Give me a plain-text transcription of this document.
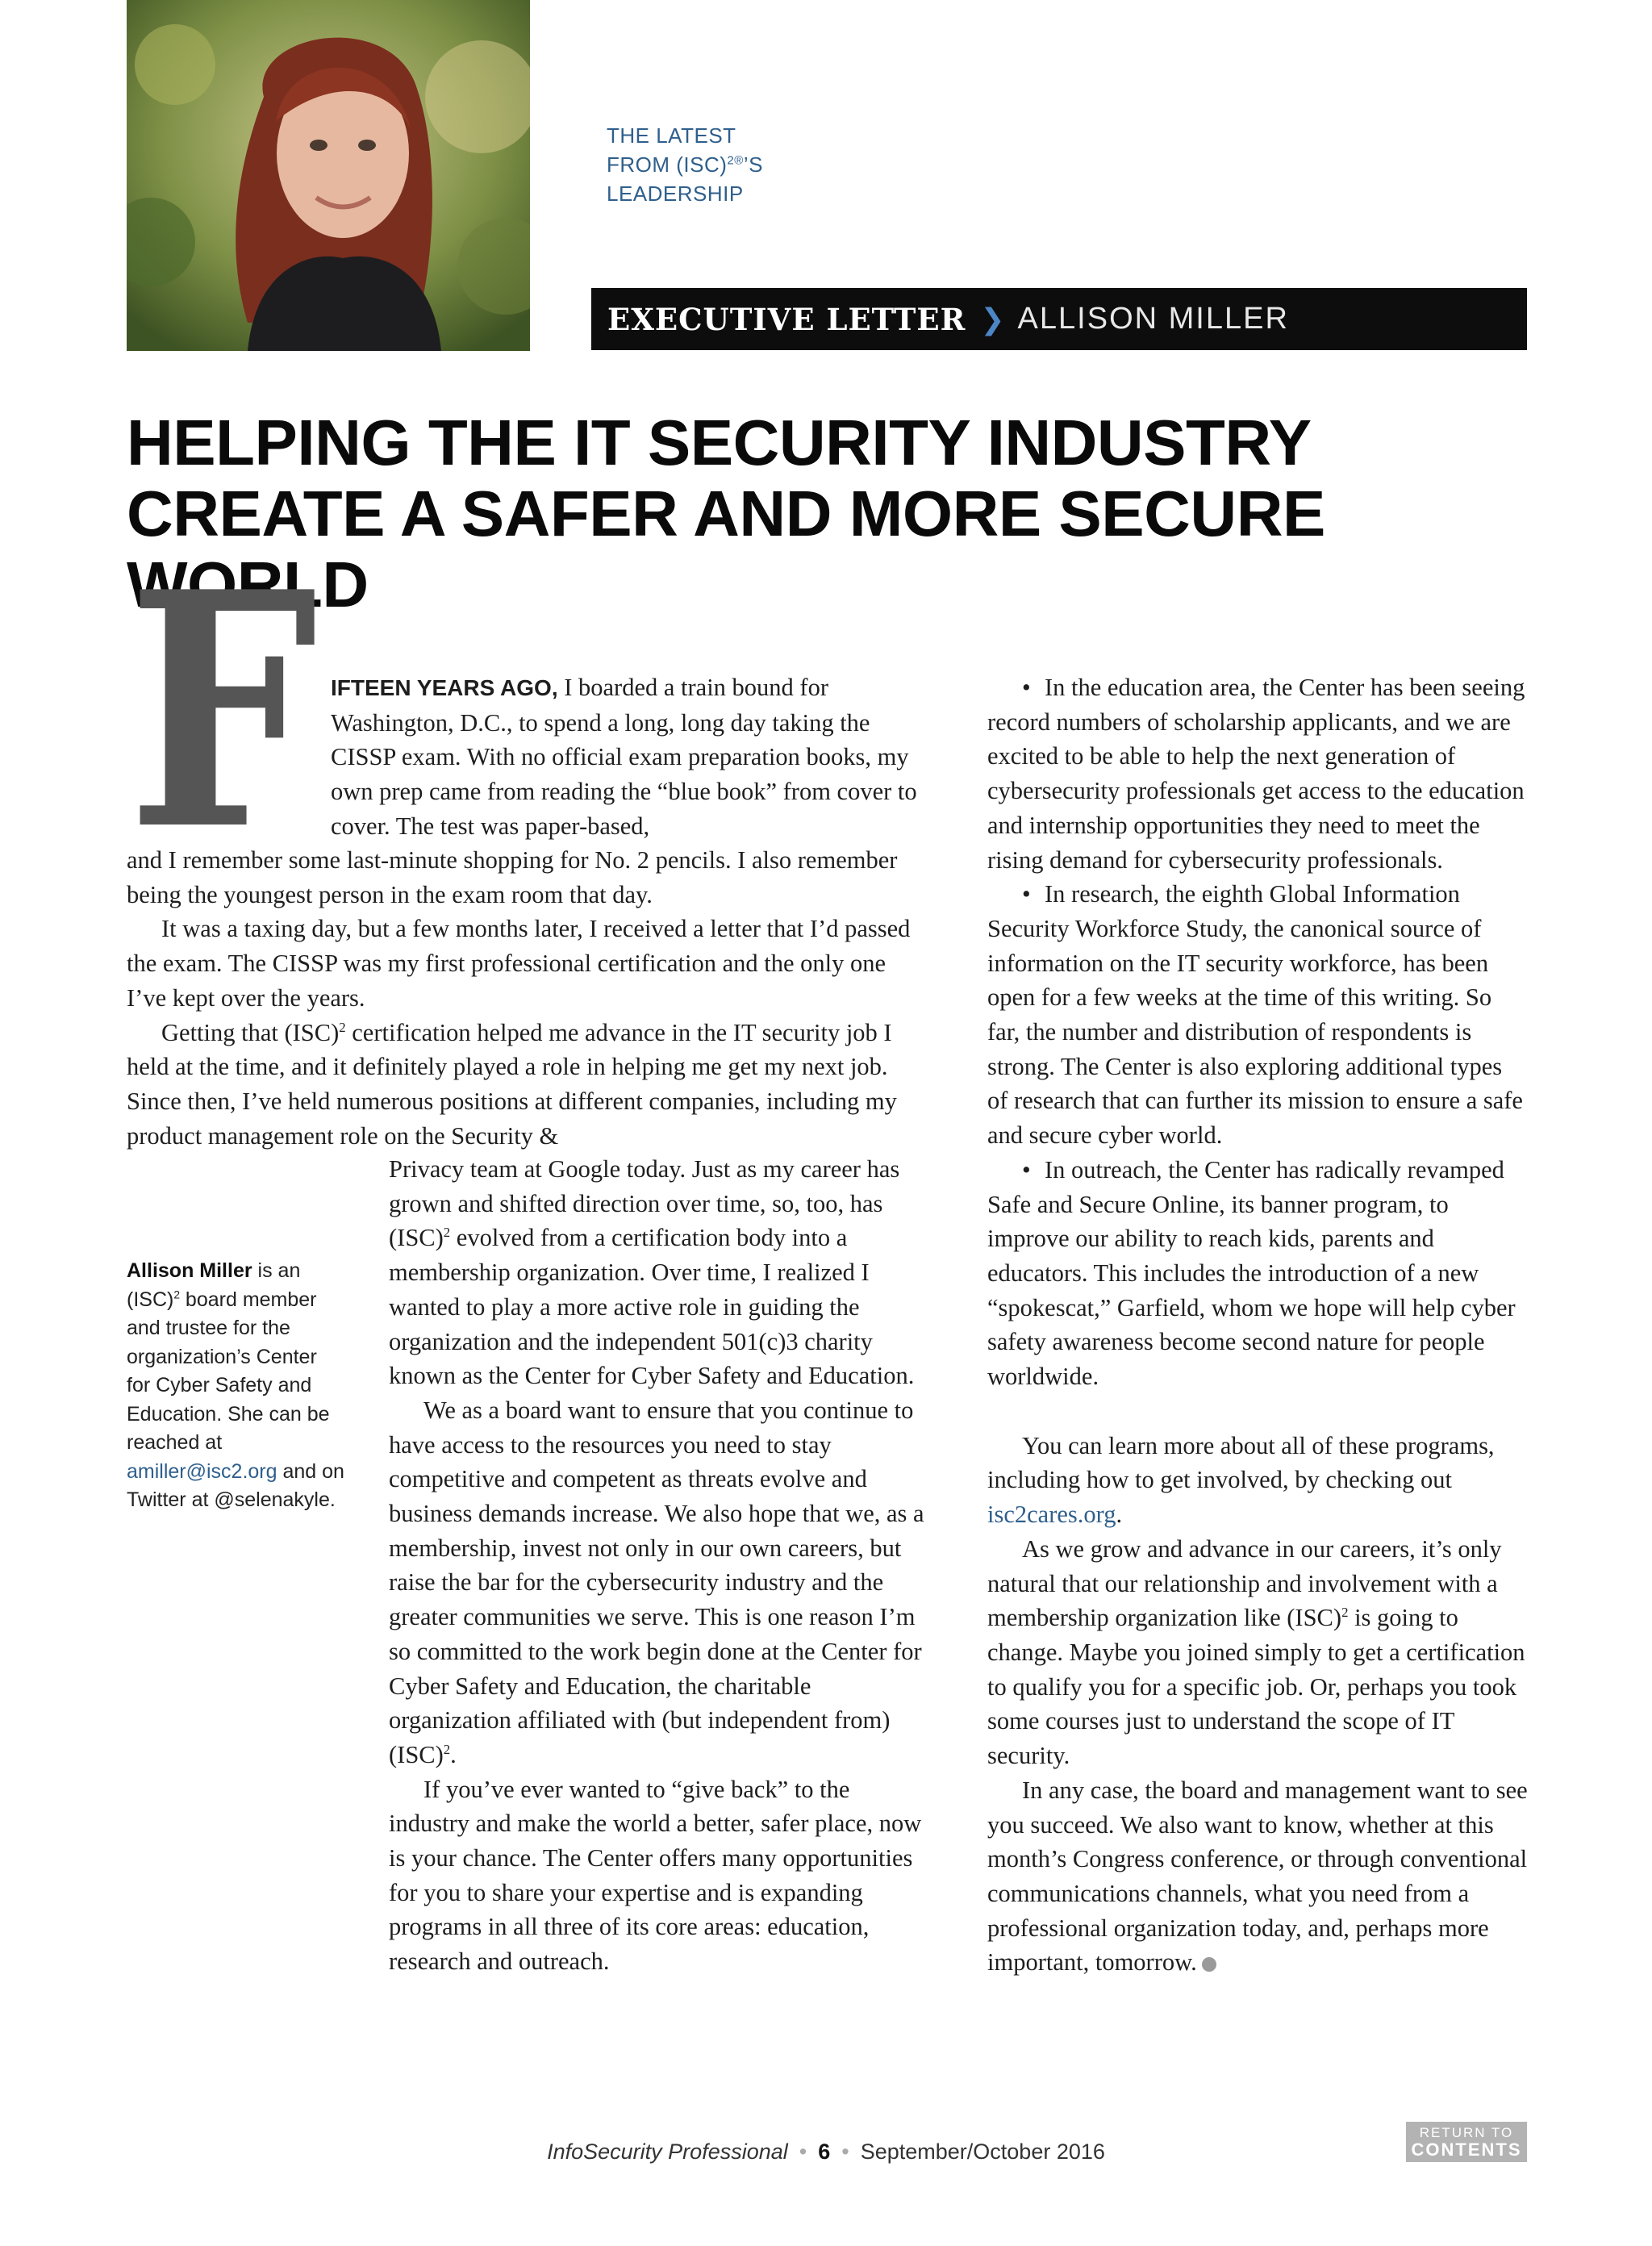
THE LATEST
FROM (ISC)$^{2®}$’S
LEADERSHIP
EXECUTIVE LETTER ❯ ALLISON MILLER
HELPING THE IT SECURITY INDUSTRY
CREATE A SAFER AND MORE SECURE WORLD
F IFTEEN YEARS AGO, I boarded a train bound for Washington, D.C., to spend a long, long day taking the CISSP exam. With no official exam preparation books, my own prep came from reading the “blue book” from cover to cover. The test was paper-based,

and I remember some last-minute shopping for No. 2 pencils. I also remember being the youngest person in the exam room that day.

It was a taxing day, but a few months later, I received a letter that I’d passed the exam. The CISSP was my first professional certification and the only one I’ve kept over the years.

Getting that (ISC)$^2$ certification helped me advance in the IT security job I held at the time, and it definitely played a role in helping me get my next job. Since then, I’ve held numerous positions at different companies, including my product management role on the Security &

Privacy team at Google today. Just as my career has grown and shifted direction over time, so, too, has (ISC)$^2$ evolved from a certification body into a membership organization. Over time, I realized I wanted to play a more active role in guiding the organization and the independent 501(c)3 charity known as the Center for Cyber Safety and Education.

We as a board want to ensure that you continue to have access to the resources you need to stay competitive and competent as threats evolve and business demands increase. We also hope that we, as a membership, invest not only in our own careers, but raise the bar for the cybersecurity industry and the greater communities we serve. This is one reason I’m so committed to the work begin done at the Center for Cyber Safety and Education, the charitable organization affiliated with (but independent from) (ISC)$^2$.

If you’ve ever wanted to “give back” to the industry and make the world a better, safer place, now is your chance. The Center offers many opportunities for you to share your expertise and is expanding programs in all three of its core areas: education, research and outreach.

Allison Miller is an (ISC)$^2$ board member and trustee for the organization’s Center for Cyber Safety and Education. She can be reached at amiller@isc2.org and on Twitter at @selenakyle.

• In the education area, the Center has been seeing record numbers of scholarship applicants, and we are excited to be able to help the next generation of cybersecurity professionals get access to the education and internship opportunities they need to meet the rising demand for cybersecurity professionals.

• In research, the eighth Global Information Security Workforce Study, the canonical source of information on the IT security workforce, has been open for a few weeks at the time of this writing. So far, the number and distribution of respondents is strong. The Center is also exploring additional types of research that can further its mission to ensure a safe and secure cyber world.

• In outreach, the Center has radically revamped Safe and Secure Online, its banner program, to improve our ability to reach kids, parents and educators. This includes the introduction of a new “spokescat,” Garfield, whom we hope will help cyber safety awareness become second nature for people worldwide.

You can learn more about all of these programs, including how to get involved, by checking out isc2cares.org.

As we grow and advance in our careers, it’s only natural that our relationship and involvement with a membership organization like (ISC)$^2$ is going to change. Maybe you joined simply to get a certification to qualify you for a specific job. Or, perhaps you took some courses just to understand the scope of IT security.

In any case, the board and management want to see you succeed. We also want to know, whether at this month’s Congress conference, or through conventional communications channels, what you need from a professional organization today, and, perhaps more important, tomorrow.

InfoSecurity Professional • 6 • September/October 2016
RETURN TO
CONTENTS
